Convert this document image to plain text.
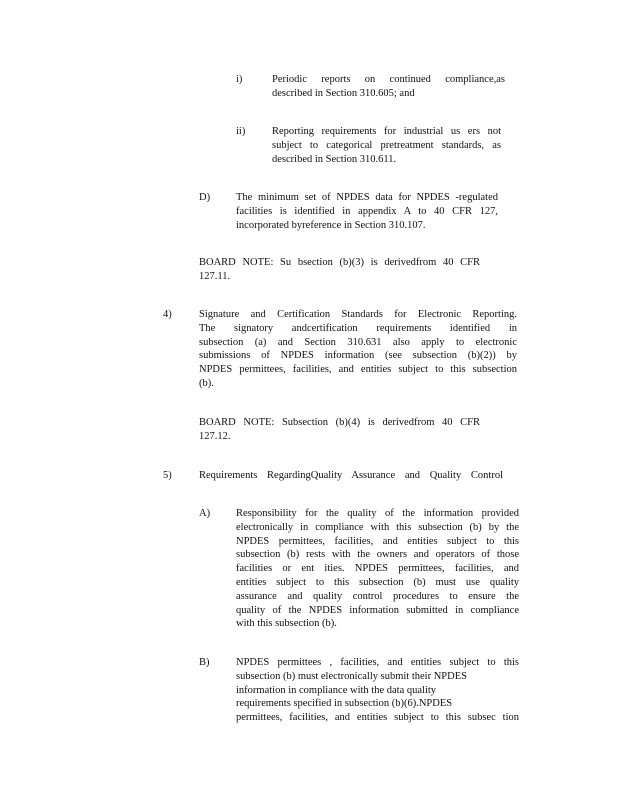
i)	Periodic reports on continued compliance,as
described in Section 310.605; and
ii)	Reporting requirements for industrial us ers not
subject to categorical pretreatment standards, as
described in Section 310.611.
D) The minimum set of NPDES data for NPDES -regulated
facilities is identified in appendix A to 40 CFR 127,
incorporated byreference in Section 310.107.
BOARD NOTE: Su bsection (b)(3) is derivedfrom 40 CFR
127.11.
4)	Signature and Certification Standards for Electronic Reporting.
The signatory andcertification requirements identified in
subsection (a) and Section 310.631 also apply to electronic
submissions of NPDES information (see subsection (b)(2)) by
NPDES permittees, facilities, and entities subject to this subsection
(b).
BOARD NOTE: Subsection (b)(4) is derivedfrom 40 CFR
127.12.
5)	Requirements RegardingQuality Assurance and Quality Control
A) Responsibility for the quality of the information provided
electronically in compliance with this subsection (b) by the
NPDES permittees, facilities, and entities subject to this
subsection (b) rests with the owners and operators of those
facilities or ent ities. NPDES permittees, facilities, and
entities subject to this subsection (b) must use quality
assurance and quality control procedures to ensure the
quality of the NPDES information submitted in compliance
with this subsection (b).
B)	NPDES permittees , facilities, and entities subject to this
subsection (b) must electronically submit their NPDES
information in compliance with the data quality
requirements specified in subsection (b)(6).NPDES
permittees, facilities, and entities subject to this subsec tion
